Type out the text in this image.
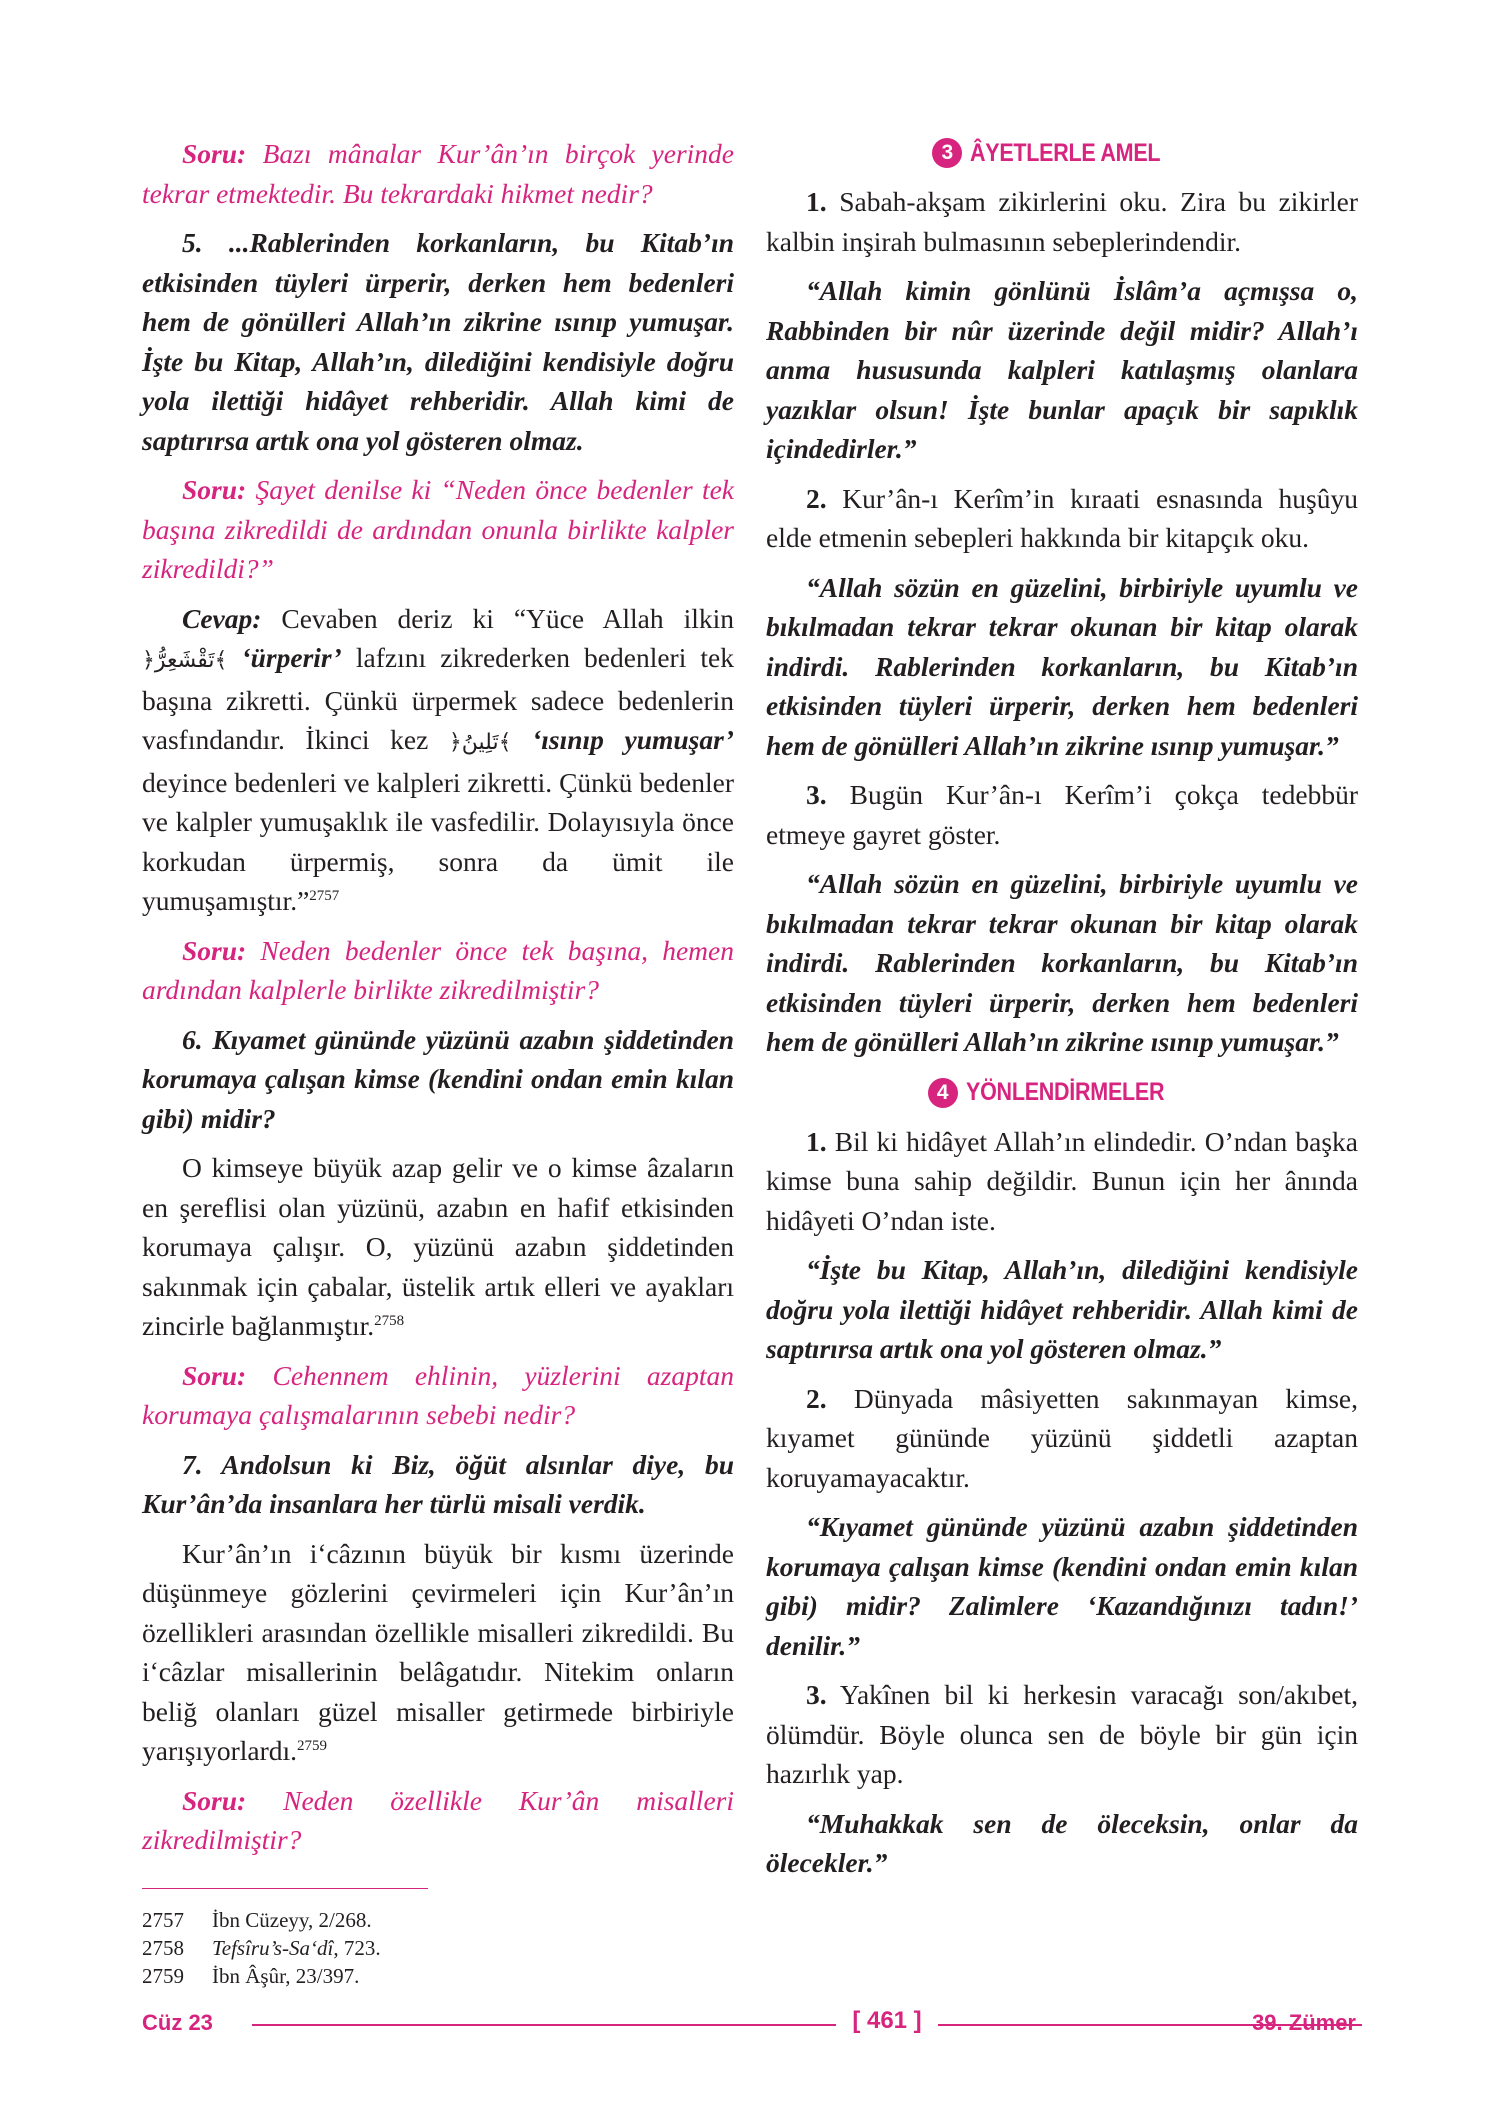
Soru: Bazı mânalar Kur’ân’ın birçok yerinde tekrar etmektedir. Bu tekrardaki hikmet nedir?

5. ...Rablerinden korkanların, bu Kitab’ın etkisinden tüyleri ürperir, derken hem bedenleri hem de gönülleri Allah’ın zikrine ısınıp yumuşar. İşte bu Kitap, Allah’ın, dilediğini kendisiyle doğru yola ilettiği hidâyet rehberidir. Allah kimi de saptırırsa artık ona yol gösteren olmaz.

Soru: Şayet denilse ki “Neden önce bedenler tek başına zikredildi de ardından onunla birlikte kalpler zikredildi?”

Cevap: Cevaben deriz ki “Yüce Allah ilkin ﴿تَقْشَعِرُّ﴾ ‘ürperir’ lafzını zikrederken bedenleri tek başına zikretti. Çünkü ürpermek sadece bedenlerin vasfındandır. İkinci kez ﴿تَلِينُ﴾ ‘ısınıp yumuşar’ deyince bedenleri ve kalpleri zikretti. Çünkü bedenler ve kalpler yumuşaklık ile vasfedilir. Dolayısıyla önce korkudan ürpermiş, sonra da ümit ile yumuşamıştır.”$^{2757}$

Soru: Neden bedenler önce tek başına, hemen ardından kalplerle birlikte zikredilmiştir?

6. Kıyamet gününde yüzünü azabın şiddetinden korumaya çalışan kimse (kendini ondan emin kılan gibi) midir?

O kimseye büyük azap gelir ve o kimse âzaların en şereflisi olan yüzünü, azabın en hafif etkisinden korumaya çalışır. O, yüzünü azabın şiddetinden sakınmak için çabalar, üstelik artık elleri ve ayakları zincirle bağlanmıştır.$^{2758}$

Soru: Cehennem ehlinin, yüzlerini azaptan korumaya çalışmalarının sebebi nedir?

7. Andolsun ki Biz, öğüt alsınlar diye, bu Kur’ân’da insanlara her türlü misali verdik.

Kur’ân’ın i‘câzının büyük bir kısmı üzerinde düşünmeye gözlerini çevirmeleri için Kur’ân’ın özellikleri arasından özellikle misalleri zikredildi. Bu i‘câzlar misallerinin belâgatıdır. Nitekim onların beliğ olanları güzel misaller getirmede birbiriyle yarışıyorlardı.$^{2759}$

Soru: Neden özellikle Kur’ân misalleri zikredilmiştir?

2757	İbn Cüzeyy, 2/268.
2758	Tefsîru’s-Sa‘dî, 723.
2759	İbn Âşûr, 23/397.
3 ÂYETLERLE AMEL

1. Sabah-akşam zikirlerini oku. Zira bu zikirler kalbin inşirah bulmasının sebeplerindendir.

“Allah kimin gönlünü İslâm’a açmışsa o, Rabbinden bir nûr üzerinde değil midir? Allah’ı anma hususunda kalpleri katılaşmış olanlara yazıklar olsun! İşte bunlar apaçık bir sapıklık içindedirler.”

2. Kur’ân-ı Kerîm’in kıraati esnasında huşûyu elde etmenin sebepleri hakkında bir kitapçık oku.

“Allah sözün en güzelini, birbiriyle uyumlu ve bıkılmadan tekrar tekrar okunan bir kitap olarak indirdi. Rablerinden korkanların, bu Kitab’ın etkisinden tüyleri ürperir, derken hem bedenleri hem de gönülleri Allah’ın zikrine ısınıp yumuşar.”

3. Bugün Kur’ân-ı Kerîm’i çokça tedebbür etmeye gayret göster.

“Allah sözün en güzelini, birbiriyle uyumlu ve bıkılmadan tekrar tekrar okunan bir kitap olarak indirdi. Rablerinden korkanların, bu Kitab’ın etkisinden tüyleri ürperir, derken hem bedenleri hem de gönülleri Allah’ın zikrine ısınıp yumuşar.”

4 YÖNLENDİRMELER

1. Bil ki hidâyet Allah’ın elindedir. O’ndan başka kimse buna sahip değildir. Bunun için her ânında hidâyeti O’ndan iste.

“İşte bu Kitap, Allah’ın, dilediğini kendisiyle doğru yola ilettiği hidâyet rehberidir. Allah kimi de saptırırsa artık ona yol gösteren olmaz.”

2. Dünyada mâsiyetten sakınmayan kimse, kıyamet gününde yüzünü şiddetli azaptan koruyamayacaktır.

“Kıyamet gününde yüzünü azabın şiddetinden korumaya çalışan kimse (kendini ondan emin kılan gibi) midir? Zalimlere ‘Kazandığınızı tadın!’ denilir.”

3. Yakînen bil ki herkesin varacağı son/akıbet, ölümdür. Böyle olunca sen de böyle bir gün için hazırlık yap.

“Muhakkak sen de öleceksin, onlar da ölecekler.”

Cüz 23	[ 461 ]	39. Zümer
